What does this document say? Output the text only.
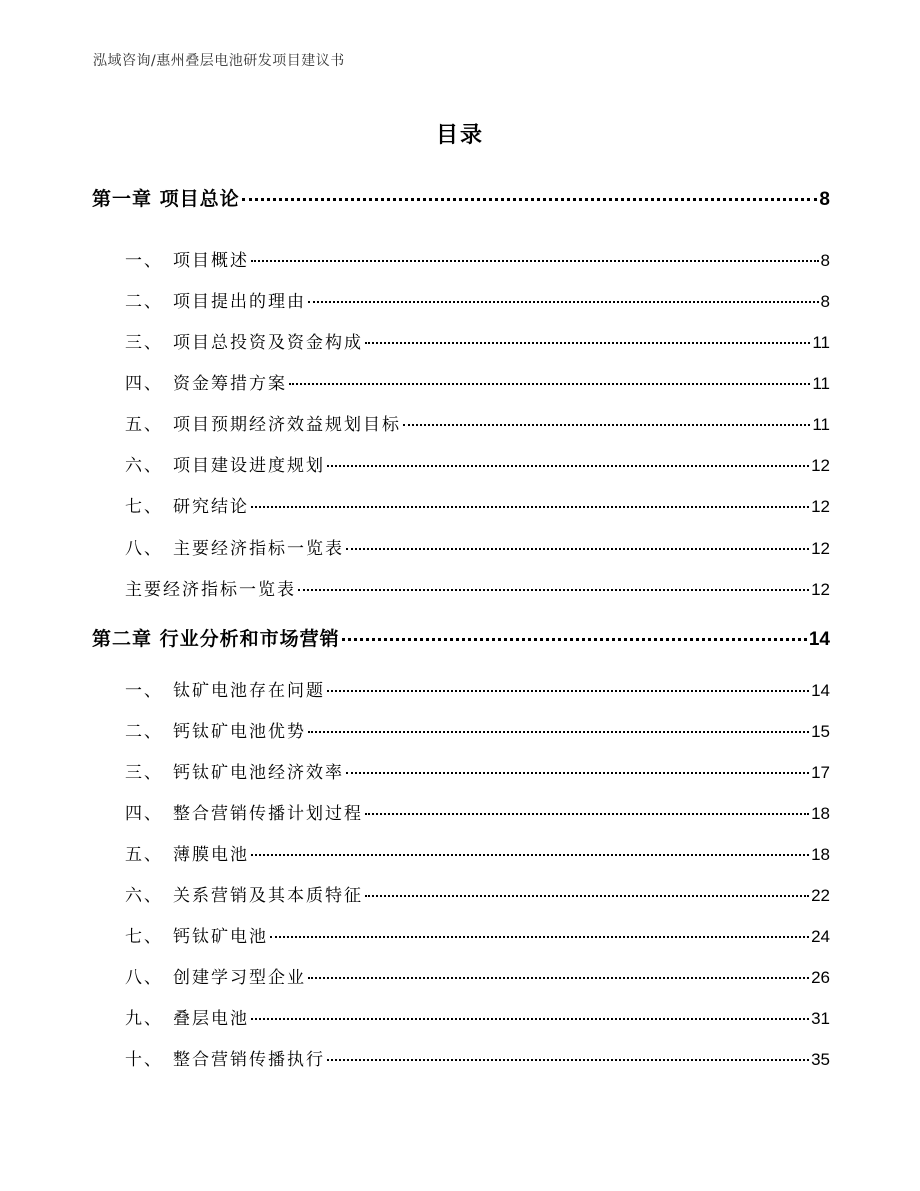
泓域咨询/惠州叠层电池研发项目建议书
目录
第一章 项目总论	8
一、 项目概述	8
二、 项目提出的理由	8
三、 项目总投资及资金构成	11
四、 资金筹措方案	11
五、 项目预期经济效益规划目标	11
六、 项目建设进度规划	12
七、 研究结论	12
八、 主要经济指标一览表	12
主要经济指标一览表	12
第二章 行业分析和市场营销	14
一、 钛矿电池存在问题	14
二、 钙钛矿电池优势	15
三、 钙钛矿电池经济效率	17
四、 整合营销传播计划过程	18
五、 薄膜电池	18
六、 关系营销及其本质特征	22
七、 钙钛矿电池	24
八、 创建学习型企业	26
九、 叠层电池	31
十、 整合营销传播执行	35
